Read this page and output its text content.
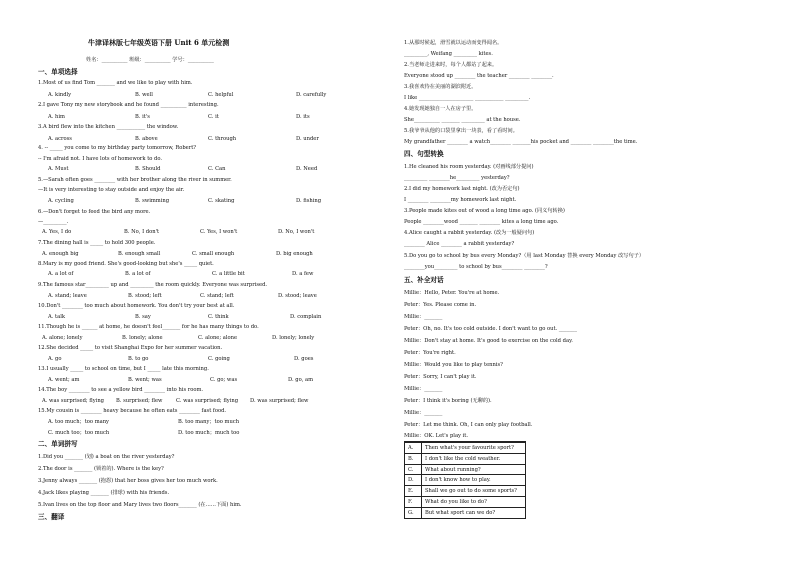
牛津译林版七年级英语下册 Unit 6 单元检测
姓名：__________ 班级：__________ 学号：__________
一、单项选择
1.Most of us find Tom _______ and we like to play with him.
A. kindly	B. well	C. helpful	D. carefully
2.I gave Tony my new storybook and he found __________ interesting.
A. him	B. it's	C. it	D. its
3.A bird flew into the kitchen ___________ the window.
A. across	B. above	C. through	D. under
4. -- _____ you come to my birthday party tomorrow, Robert?
-- I'm afraid not. I have lots of homework to do.
A. Must	B. Should	C. Can	D. Need
5.—Sarah often goes ________ with her brother along the river in summer.
—It is very interesting to stay outside and enjoy the air.
A. cycling	B. swimming	C. skating	D. fishing
6.—Don't forget to feed the bird any more.
—_________.
A. Yes, I do	B. No, I don't	C. Yes, I won't	D. No, I won't
7.The dining hall is _____ to hold 300 people.
A. enough big	B. enough small	C. small enough	D. big enough
8.Mary is my good friend. She's good-looking but she's _____ quiet.
A. a lot of	B. a lot of	C. a little bit	D. a few
9.The famous star_________ up and _________ the room quickly. Everyone was surprised.
A. stand; leave	B. stood; left	C. stand; left	D. stood; leave
10.Don't ________ too much about homework. You don't try your best at all.
A. talk	B. say	C. think	D. complain
11.Though he is ______ at home, he doesn't feel_______ for he has many things to do.
A. alone; lonely	B. lonely; alone	C. alone; alone	D. lonely; lonely
12.She decided _____ to visit Shanghai Expo for her summer vacation.
A. go	B. to go	C. going	D. goes
13.I usually _____ to school on time, but I _____ late this morning.
A. went; am	B. went; was	C. go; was	D. go, am
14.The boy ________ to see a yellow bird ________ into his room.
A. was surprised; flying B. surprised; flew	C. was surprised; flying D. was surprised; flew
15.My cousin is ________ heavy because he often eats ________ fast food.
A. too much；too many	B. too many；too much
C. much too；too much	D. too much；much too
二、单词拼写
1.Did you _______ (划) a boat on the river yesterday?
2.The door is _______ (锁着的). Where is the key?
3.Jenny always _______ (抱怨) that her boss gives her too much work.
4.Jack likes playing _______ (排球) with his friends.
5.Ivan lives on the top floor and Mary lives two floors_______ (在……下面) him.
三、翻译
1.从那时候起，滑雪就以运动而变得闻名。
_________, Weifang _________ kites.
2.当老师走进来时，每个人都站了起来。
Everyone stood up ________ the teacher ________ ________.
3.我喜欢待在美丽的湖滨附近。
I like _____________________ ___________ _________.
4.她发现她独自一人在房子里。
She__________ _______ _________ at the house.
5.我爷爷从他的口袋里拿出一块表，看了看时间。
My grandfather ________ a watch________ _______his pocket and ________ ________the time.
四、句型转换
1.He cleaned his room yesterday. (对画线部分提问)
_________ ________he_________ yesterday?
2.I did my homework last night. (改为否定句)
I ________ ________my homework last night.
3.People made kites out of wood a long time ago. (同义句转换)
People ________wood _______ ________ kites a long time ago.
4.Alice caught a rabbit yesterday. (改为一般疑问句)
________ Alice ________ a rabbit yesterday?
5.Do you go to school by bus every Monday?（用 last Monday 替换 every Monday 改写句子）
________you_________ to school by bus________ ________?
五、补全对话
Millie：Hello, Peter. You're at home.
Peter：Yes. Please come in.
Millie：_______
Peter：Oh, no. It's too cold outside. I don't want to go out. _______
Millie：Don't stay at home. It's good to exercise on the cold day.
Peter：You're right.
Millie：Would you like to play tennis?
Peter：Sorry, I can't play it.
Millie：_______
Peter：I think it's boring (无聊的).
Millie：_______
Peter：Let me think. Oh, I can only play football.
Millie：OK. Let's play it.
A. Then what's your favourite sport?
B. I don't like the cold weather.
C. What about running?
D. I don't know how to play.
E. Shall we go out to do some sports?
F. What do you like to do?
G. But what sport can we do?
